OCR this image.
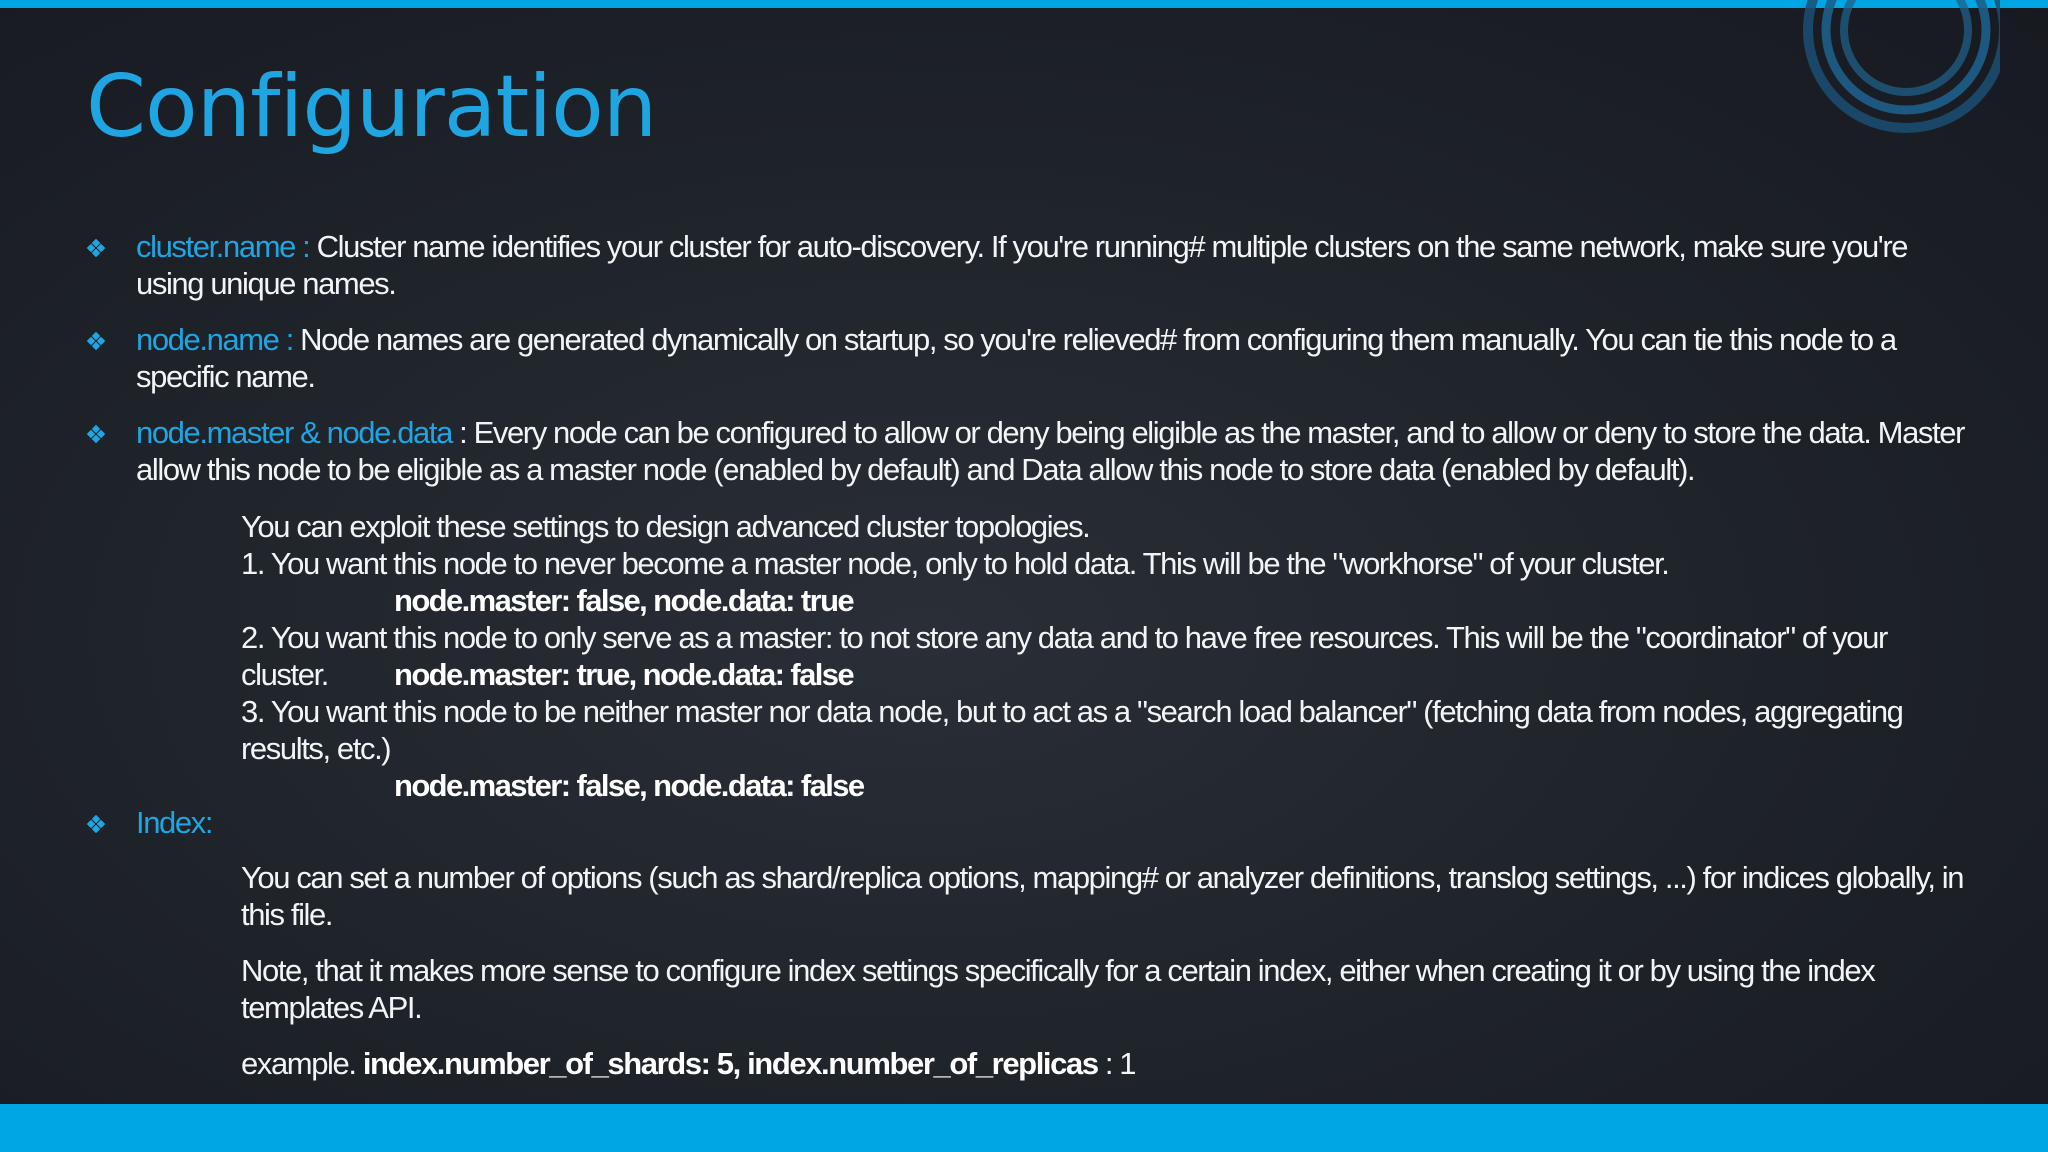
Configuration
cluster.name : Cluster name identifies your cluster for auto-discovery. If you're running# multiple clusters on the same network, make sure you're using unique names.
node.name : Node names are generated dynamically on startup, so you're relieved# from configuring them manually. You can tie this node to a specific name.
node.master & node.data : Every node can be configured to allow or deny being eligible as the master, and to allow or deny to store the data. Master allow this node to be eligible as a master node (enabled by default) and Data allow this node to store data (enabled by default).
You can exploit these settings to design advanced cluster topologies.
1. You want this node to never become a master node, only to hold data. This will be the "workhorse" of your cluster.
node.master: false, node.data: true
2. You want this node to only serve as a master: to not store any data and to have free resources. This will be the "coordinator" of your cluster.	node.master: true, node.data: false
3. You want this node to be neither master nor data node, but to act as a "search load balancer" (fetching data from nodes, aggregating results, etc.)
node.master: false, node.data: false
Index:
You can set a number of options (such as shard/replica options, mapping# or analyzer definitions, translog settings, ...) for indices globally, in this file.
Note, that it makes more sense to configure index settings specifically for a certain index, either when creating it or by using the index templates API.
example. index.number_of_shards: 5, index.number_of_replicas : 1
